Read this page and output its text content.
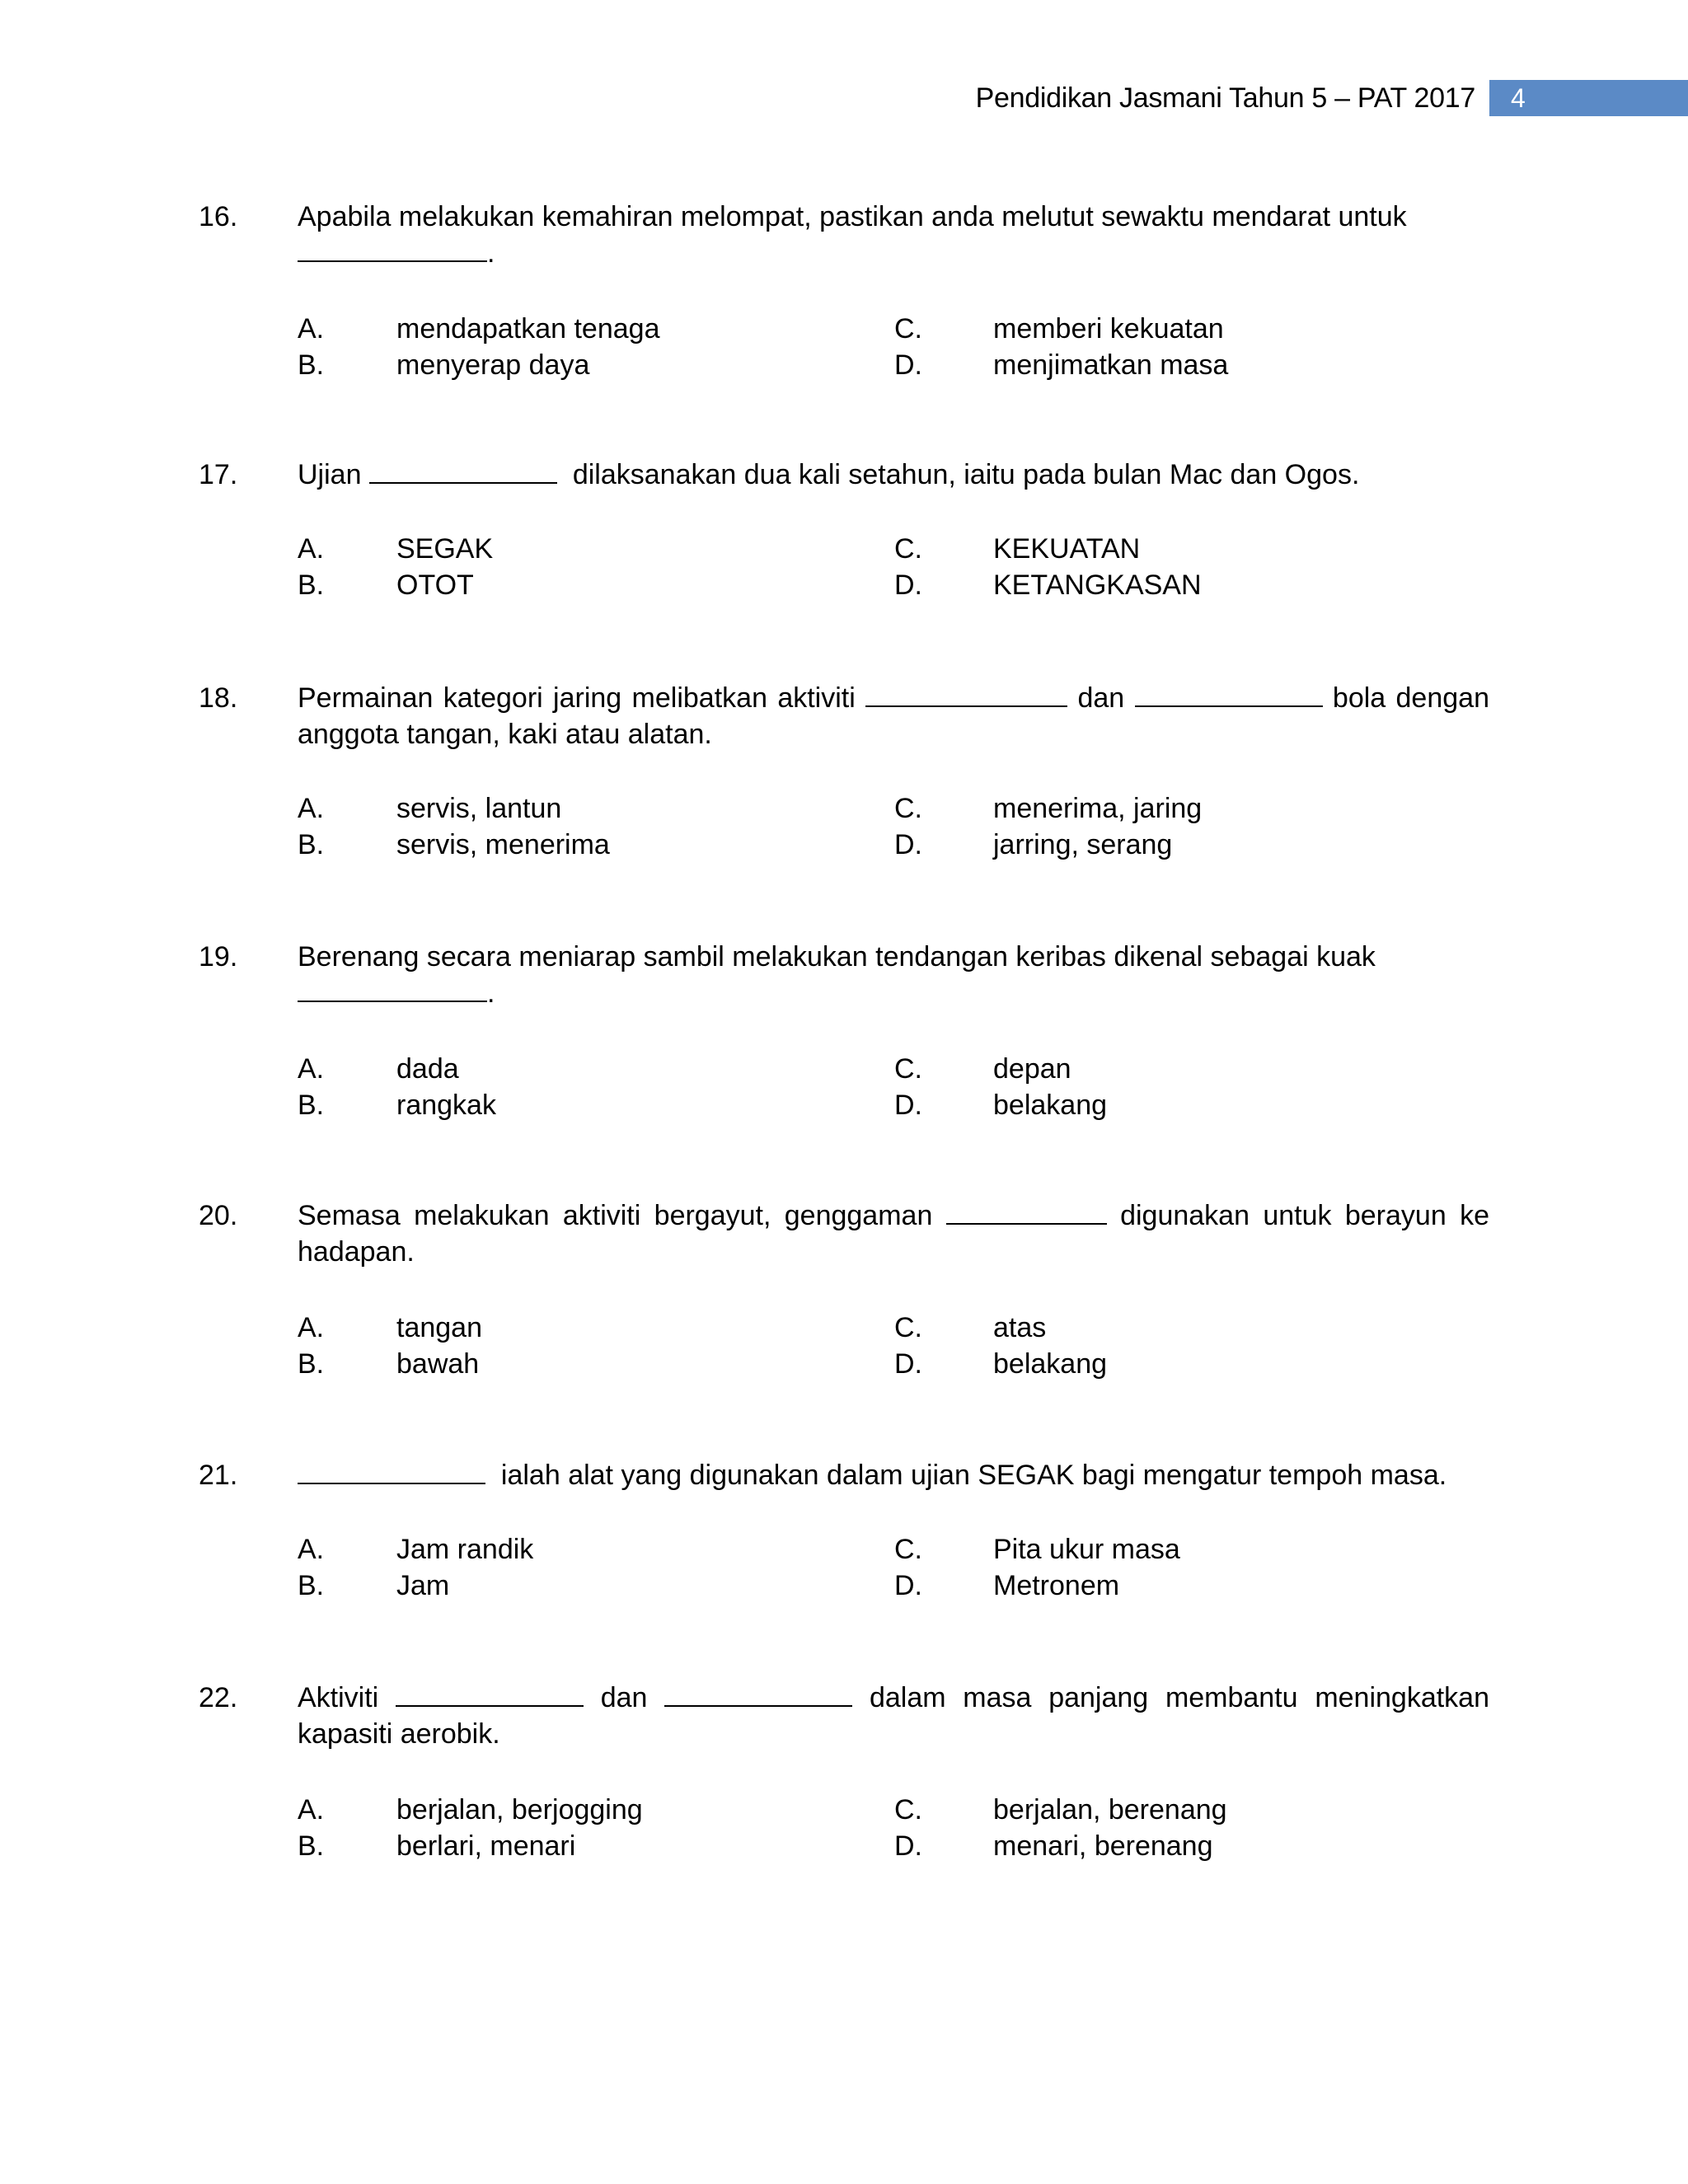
Pendidikan Jasmani Tahun 5 – PAT 2017	4
16. Apabila melakukan kemahiran melompat, pastikan anda melutut sewaktu mendarat untuk
.
A.	mendapatkan tenaga
B.	menyerap daya
C.	memberi kekuatan
D.	menjimatkan masa
17. Ujian	dilaksanakan dua kali setahun, iaitu pada bulan Mac dan Ogos.
A.	SEGAK
B.	OTOT
C.	KEKUATAN
D.	KETANGKASAN
18. Permainan kategori jaring melibatkan aktiviti	dan	bola dengan anggota tangan, kaki atau alatan.
A.	servis, lantun
B.	servis, menerima
C.	menerima, jaring
D.	jarring, serang
19. Berenang secara meniarap sambil melakukan tendangan keribas dikenal sebagai kuak
.
A.	dada
B.	rangkak
C.	depan
D.	belakang
20. Semasa melakukan aktiviti bergayut, genggaman	digunakan untuk berayun ke hadapan.
A.	tangan
B.	bawah
C.	atas
D.	belakang
21.	ialah alat yang digunakan dalam ujian SEGAK bagi mengatur tempoh masa.
A.	Jam randik
B.	Jam
C.	Pita ukur masa
D.	Metronem
22. Aktiviti	dan	dalam masa panjang membantu meningkatkan kapasiti aerobik.
A.	berjalan, berjogging
B.	berlari, menari
C.	berjalan, berenang
D.	menari, berenang
